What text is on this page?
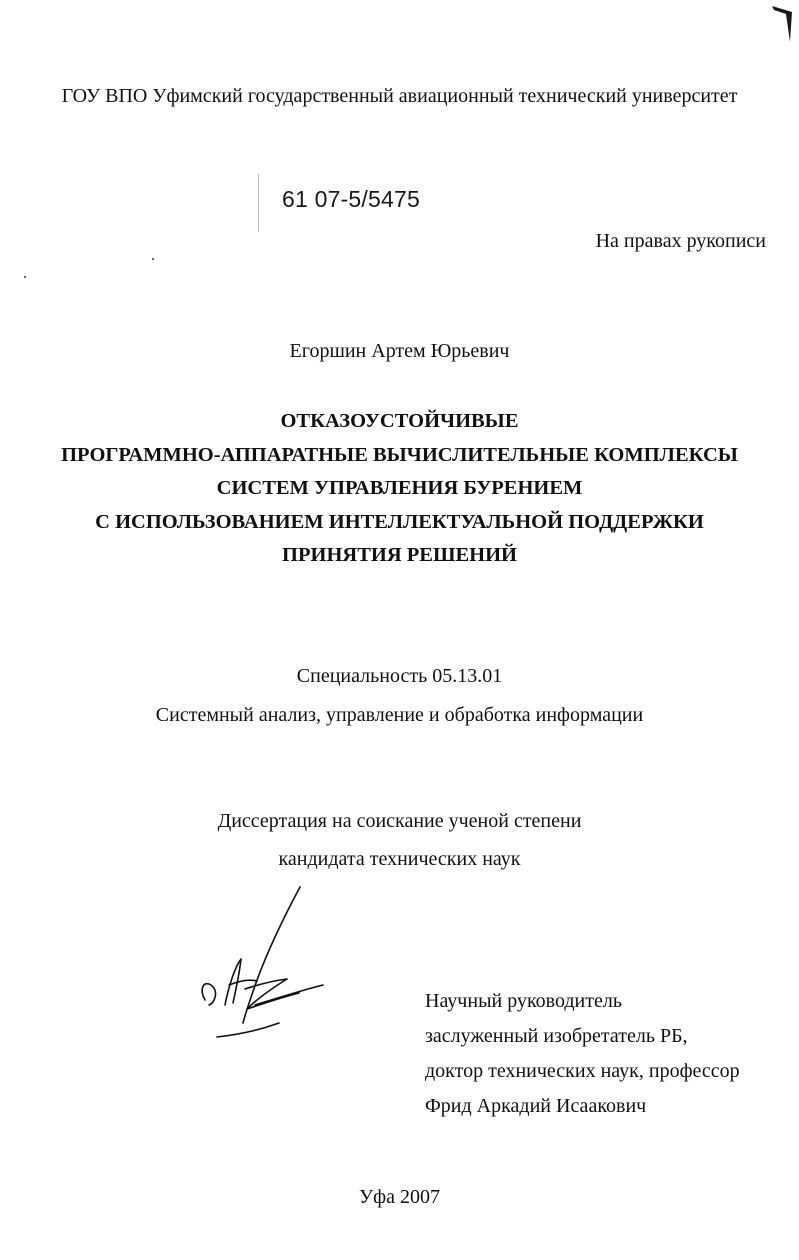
ГОУ ВПО Уфимский государственный авиационный технический университет

61 07-5/5475

На правах рукописи

Егоршин Артем Юрьевич

ОТКАЗОУСТОЙЧИВЫЕ
ПРОГРАММНО-АППАРАТНЫЕ ВЫЧИСЛИТЕЛЬНЫЕ КОМПЛЕКСЫ
СИСТЕМ УПРАВЛЕНИЯ БУРЕНИЕМ
С ИСПОЛЬЗОВАНИЕМ ИНТЕЛЛЕКТУАЛЬНОЙ ПОДДЕРЖКИ
ПРИНЯТИЯ РЕШЕНИЙ

Специальность 05.13.01

Системный анализ, управление и обработка информации

Диссертация на соискание ученой степени

кандидата технических наук

Научный руководитель
заслуженный изобретатель РБ,
доктор технических наук, профессор
Фрид Аркадий Исаакович

Уфа 2007
